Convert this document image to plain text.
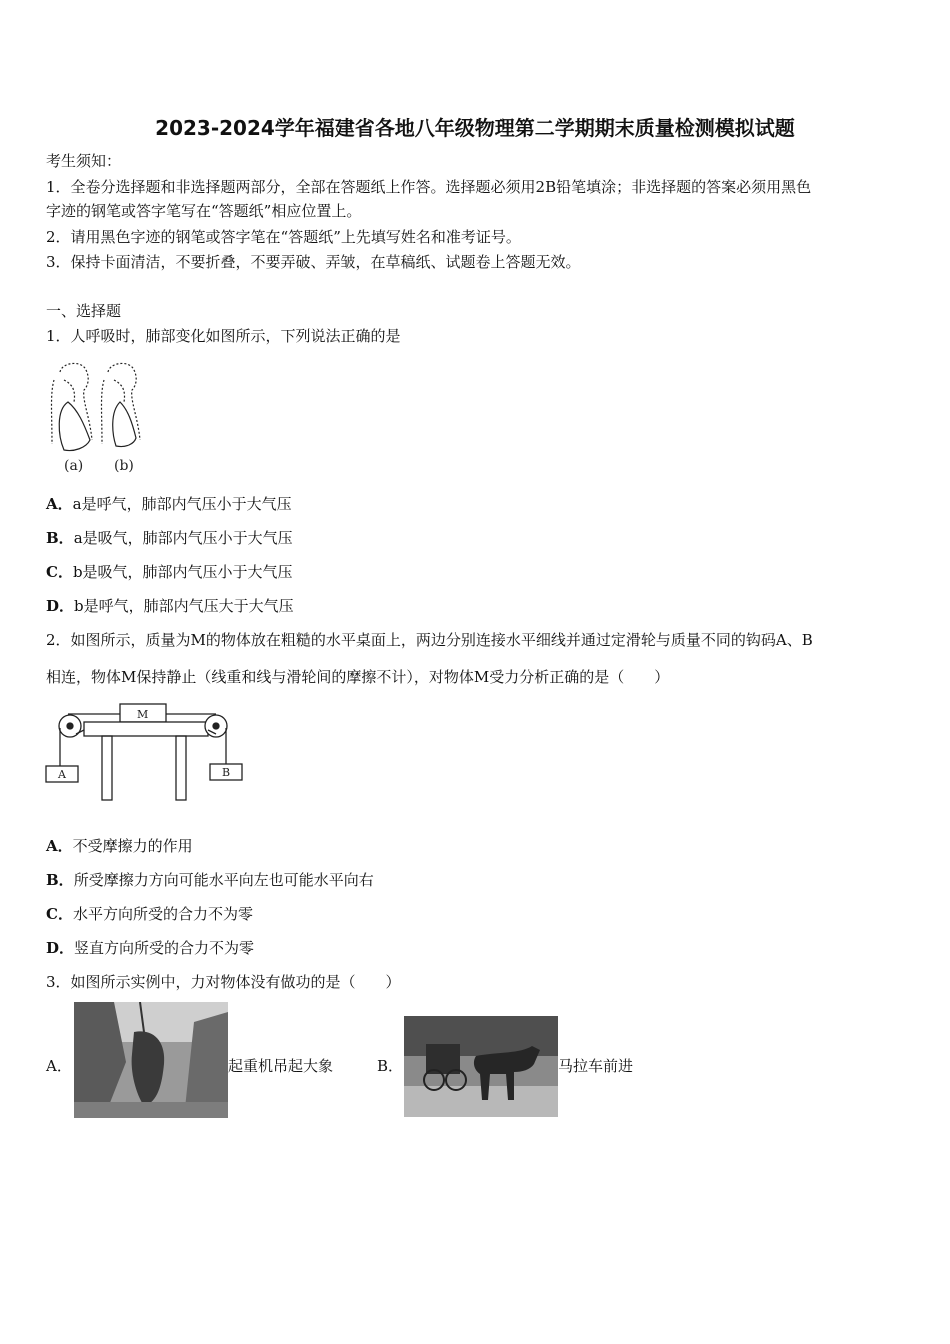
2023-2024学年福建省各地八年级物理第二学期期末质量检测模拟试题
考生须知：
1．全卷分选择题和非选择题两部分，全部在答题纸上作答。选择题必须用2B铅笔填涂；非选择题的答案必须用黑色
字迹的钢笔或答字笔写在“答题纸”相应位置上。
2．请用黑色字迹的钢笔或答字笔在“答题纸”上先填写姓名和准考证号。
3．保持卡面清洁，不要折叠，不要弄破、弄皱，在草稿纸、试题卷上答题无效。
一、选择题
1．人呼吸时，肺部变化如图所示，下列说法正确的是
(a) (b)
A．a是呼气，肺部内气压小于大气压
B．a是吸气，肺部内气压小于大气压
C．b是吸气，肺部内气压小于大气压
D．b是呼气，肺部内气压大于大气压
2．如图所示，质量为M的物体放在粗糙的水平桌面上，两边分别连接水平细线并通过定滑轮与质量不同的钩码A、B
相连，物体M保持静止（线重和线与滑轮间的摩擦不计），对物体M受力分析正确的是（　　）
M
A	B
A．不受摩擦力的作用
B．所受摩擦力方向可能水平向左也可能水平向右
C．水平方向所受的合力不为零
D．竖直方向所受的合力不为零
3．如图所示实例中，力对物体没有做功的是（　　）
A．	起重机吊起大象	B．	马拉车前进
